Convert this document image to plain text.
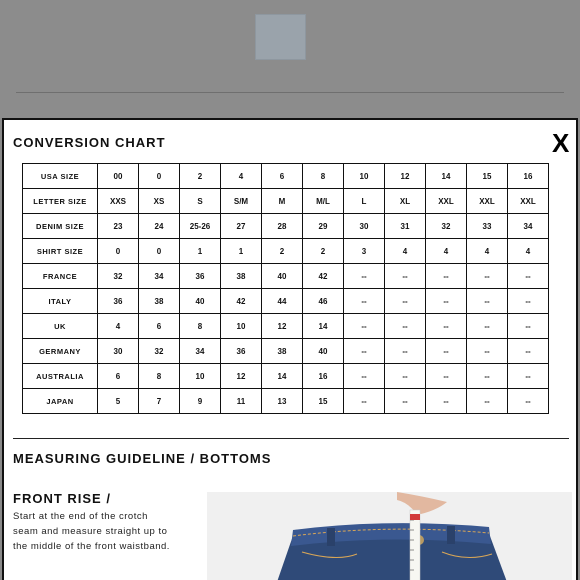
CONVERSION CHART	X
USA SIZE	00	0	2	4	6	8	10	12	14	15	16
LETTER SIZE	XXS	XS	S	S/M	M	M/L	L	XL	XXL	XXL	XXL
DENIM SIZE	23	24	25-26	27	28	29	30	31	32	33	34
SHIRT SIZE	0	0	1	1	2	2	3	4	4	4	4
FRANCE	32	34	36	38	40	42	--	--	--	--	--
ITALY	36	38	40	42	44	46	--	--	--	--	--
UK	4	6	8	10	12	14	--	--	--	--	--
GERMANY	30	32	34	36	38	40	--	--	--	--	--
AUSTRALIA	6	8	10	12	14	16	--	--	--	--	--
JAPAN	5	7	9	11	13	15	--	--	--	--	--
MEASURING GUIDELINE / BOTTOMS
FRONT RISE /
Start at the end of the crotch
seam and measure straight up to
the middle of the front waistband.
